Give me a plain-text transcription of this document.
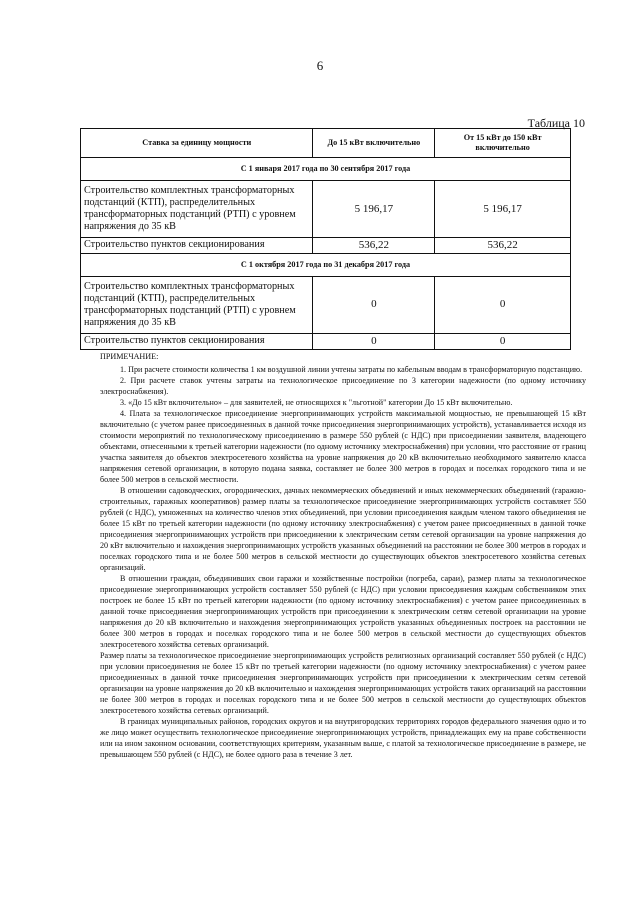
6
Таблица 10
Ставка за единицу мощности	До 15 кВт включительно	От 15 кВт до 150 кВт включительно
С 1 января 2017 года по 30 сентября 2017 года		
Строительство комплектных трансформаторных подстанций (КТП), распределительных трансформаторных подстанций (РТП) с уровнем напряжения до 35 кВ	5 196,17	5 196,17
Строительство пунктов секционирования	536,22	536,22
С 1 октября 2017 года по 31 декабря 2017 года		
Строительство комплектных трансформаторных подстанций (КТП), распределительных трансформаторных подстанций (РТП) с уровнем напряжения до 35 кВ	0	0
Строительство пунктов секционирования	0	0

ПРИМЕЧАНИЕ:

1. При расчете стоимости количества 1 км воздушной линии учтены затраты по кабельным вводам в трансформаторную подстанцию.

2. При расчете ставок учтены затраты на технологическое присоединение по 3 категории надежности (по одному источнику электроснабжения).

3. «До 15 кВт включительно» – для заявителей, не относящихся к "льготной" категории До 15 кВт включительно.

4. Плата за технологическое присоединение энергопринимающих устройств максимальной мощностью, не превышающей 15 кВт включительно (с учетом ранее присоединенных в данной точке присоединения энергопринимающих устройств), устанавливается исходя из стоимости мероприятий по технологическому присоединению в размере 550 рублей (с НДС) при присоединении заявителя, владеющего объектами, отнесенными к третьей категории надежности (по одному источнику электроснабжения) при условии, что расстояние от границ участка заявителя до объектов электросетевого хозяйства на уровне напряжения до 20 кВ включительно необходимого заявителю класса напряжения сетевой организации, в которую подана заявка, составляет не более 300 метров в городах и поселках городского типа и не более 500 метров в сельской местности.

В отношении садоводческих, огороднических, дачных некоммерческих объединений и иных некоммерческих объединений (гаражно-строительных, гаражных кооперативов) размер платы за технологическое присоединение энергопринимающих устройств составляет 550 рублей (с НДС), умноженных на количество членов этих объединений, при условии присоединения каждым членом такого объединения не более 15 кВт по третьей категории надежности (по одному источнику электроснабжения) с учетом ранее присоединенных в данной точке присоединения энергопринимающих устройств при присоединении к электрическим сетям сетевой организации на уровне напряжения до 20 кВт включительно и нахождения энергопринимающих устройств указанных объединений на расстоянии не более 300 метров в городах и поселках городского типа и не более 500 метров в сельской местности до существующих объектов электросетевого хозяйства сетевых организаций.

В отношении граждан, объединивших свои гаражи и хозяйственные постройки (погреба, сараи), размер платы за технологическое присоединение энергопринимающих устройств составляет 550 рублей (с НДС) при условии присоединения каждым собственником этих построек не более 15 кВт по третьей категории надежности (по одному источнику электроснабжения) с учетом ранее присоединенных в данной точке присоединения энергопринимающих устройств при присоединении к электрическим сетям сетевой организации на уровне напряжения до 20 кВ включительно и нахождения энергопринимающих устройств указанных объединенных построек на расстоянии не более 300 метров в городах и поселках городского типа и не более 500 метров в сельской местности до существующих объектов электросетевого хозяйства сетевых организаций.

Размер платы за технологическое присоединение энергопринимающих устройств религиозных организаций составляет 550 рублей (с НДС) при условии присоединения не более 15 кВт по третьей категории надежности (по одному источнику электроснабжения) с учетом ранее присоединенных в данной точке присоединения энергопринимающих устройств при присоединении к электрическим сетям сетевой организации на уровне напряжения до 20 кВ включительно и нахождения энергопринимающих устройств таких организаций на расстоянии не более 300 метров в городах и поселках городского типа и не более 500 метров в сельской местности до существующих объектов электросетевого хозяйства сетевых организаций.

В границах муниципальных районов, городских округов и на внутригородских территориях городов федерального значения одно и то же лицо может осуществить технологическое присоединение энергопринимающих устройств, принадлежащих ему на праве собственности или на ином законном основании, соответствующих критериям, указанным выше, с платой за технологическое присоединение в размере, не превышающем 550 рублей (с НДС), не более одного раза в течение 3 лет.
